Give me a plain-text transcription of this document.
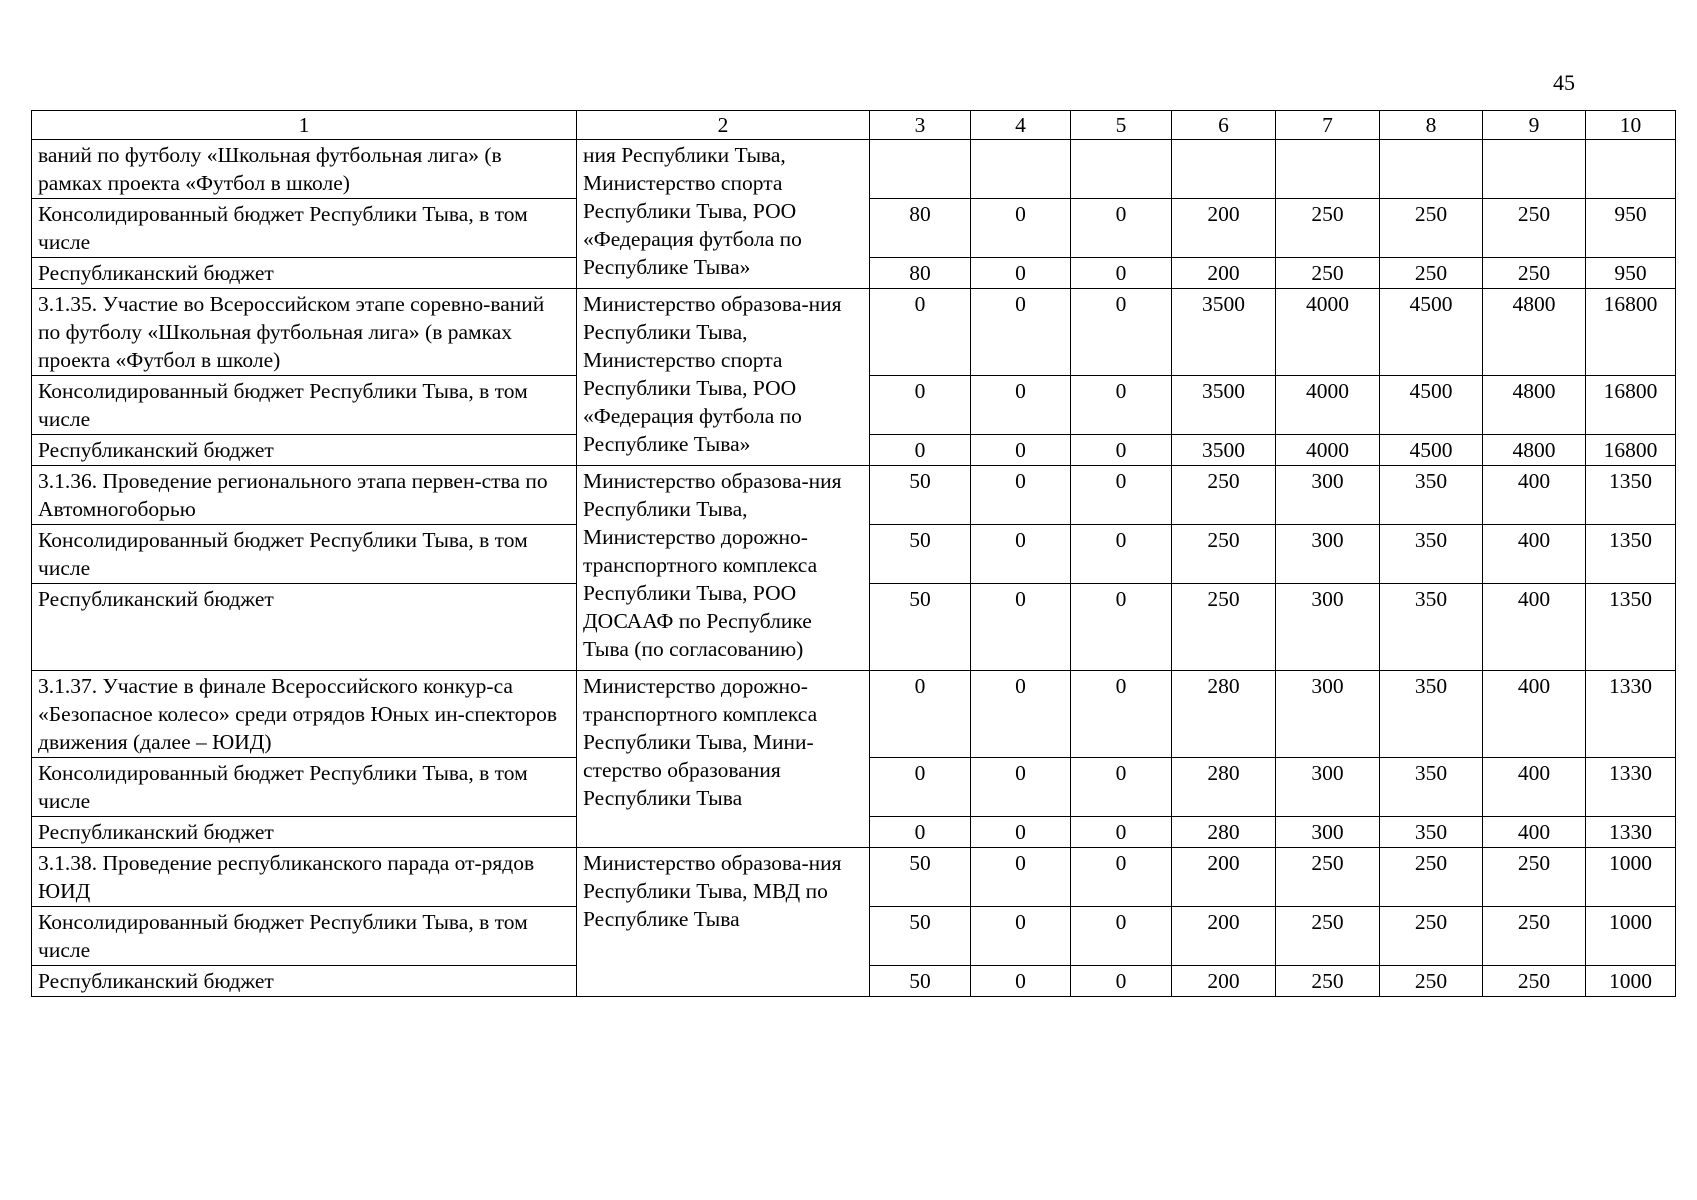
45
1	2	3	4	5	6	7	8	9	10
ваний по футболу «Школьная футбольная лига» (в рамках проекта «Футбол в школе)	ния Республики Тыва, Министерство спорта Республики Тыва, РОО «Федерация футбола по Республике Тыва»								
Консолидированный бюджет Республики Тыва, в том числе		80	0	0	200	250	250	250	950
Республиканский бюджет		80	0	0	200	250	250	250	950
3.1.35. Участие во Всероссийском этапе соревно-ваний по футболу «Школьная футбольная лига» (в рамках проекта «Футбол в школе)	Министерство образова-ния Республики Тыва, Министерство спорта Республики Тыва, РОО «Федерация футбола по Республике Тыва»	0	0	0	3500	4000	4500	4800	16800
Консолидированный бюджет Республики Тыва, в том числе		0	0	0	3500	4000	4500	4800	16800
Республиканский бюджет		0	0	0	3500	4000	4500	4800	16800
3.1.36. Проведение регионального этапа первен-ства по Автомногоборью	Министерство образова-ния Республики Тыва, Министерство дорожно-транспортного комплекса Республики Тыва, РОО ДОСААФ по Республике Тыва (по согласованию)	50	0	0	250	300	350	400	1350
Консолидированный бюджет Республики Тыва, в том числе		50	0	0	250	300	350	400	1350
Республиканский бюджет		50	0	0	250	300	350	400	1350
3.1.37. Участие в финале Всероссийского конкур-са «Безопасное колесо» среди отрядов Юных ин-спекторов движения (далее – ЮИД)	Министерство дорожно-транспортного комплекса Республики Тыва, Мини-стерство образования Республики Тыва	0	0	0	280	300	350	400	1330
Консолидированный бюджет Республики Тыва, в том числе		0	0	0	280	300	350	400	1330
Республиканский бюджет		0	0	0	280	300	350	400	1330
3.1.38. Проведение республиканского парада от-рядов ЮИД	Министерство образова-ния Республики Тыва, МВД по Республике Тыва	50	0	0	200	250	250	250	1000
Консолидированный бюджет Республики Тыва, в том числе		50	0	0	200	250	250	250	1000
Республиканский бюджет		50	0	0	200	250	250	250	1000
